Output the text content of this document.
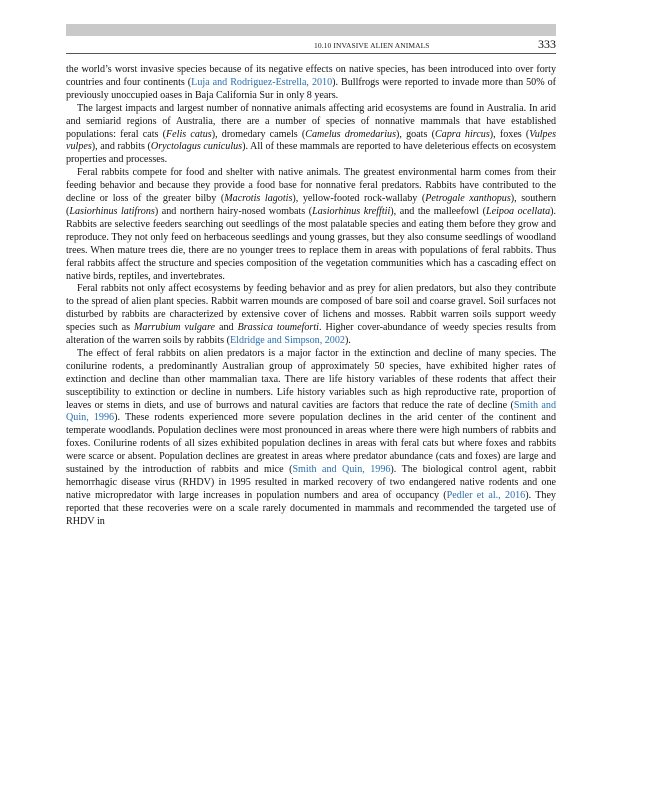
10.10 INVASIVE ALIEN ANIMALS	333

the world’s worst invasive species because of its negative effects on native species, has been introduced into over forty countries and four continents (Luja and Rodriguez-Estrella, 2010). Bullfrogs were reported to invade more than 50% of previously unoccupied oases in Baja California Sur in only 8 years.

The largest impacts and largest number of nonnative animals affecting arid ecosystems are found in Australia. In arid and semiarid regions of Australia, there are a number of species of nonnative mammals that have established populations: feral cats (Felis catus), dromedary camels (Camelus dromedarius), goats (Capra hircus), foxes (Vulpes vulpes), and rabbits (Oryctolagus cuniculus). All of these mammals are reported to have deleterious effects on ecosystem properties and processes.

Feral rabbits compete for food and shelter with native animals. The greatest environmental harm comes from their feeding behavior and because they provide a food base for nonnative feral predators. Rabbits have contributed to the decline or loss of the greater bilby (Macrotis lagotis), yellow-footed rock-wallaby (Petrogale xanthopus), southern (Lasiorhinus latifrons) and northern hairy-nosed wombats (Lasiorhinus krefftii), and the malleefowl (Leipoa ocellata). Rabbits are selective feeders searching out seedlings of the most palatable species and eating them before they grow and reproduce. They not only feed on herbaceous seedlings and young grasses, but they also consume seedlings of woodland trees. When mature trees die, there are no younger trees to replace them in areas with populations of feral rabbits. Thus feral rabbits affect the structure and species composition of the vegetation communities which has a cascading effect on native birds, reptiles, and invertebrates.

Feral rabbits not only affect ecosystems by feeding behavior and as prey for alien predators, but also they contribute to the spread of alien plant species. Rabbit warren mounds are composed of bare soil and coarse gravel. Soil surfaces not disturbed by rabbits are characterized by extensive cover of lichens and mosses. Rabbit warren soils support weedy species such as Marrubium vulgare and Brassica toumeforti. Higher cover-abundance of weedy species results from alteration of the warren soils by rabbits (Eldridge and Simpson, 2002).

The effect of feral rabbits on alien predators is a major factor in the extinction and decline of many species. The conilurine rodents, a predominantly Australian group of approximately 50 species, have exhibited higher rates of extinction and decline than other mammalian taxa. There are life history variables of these rodents that affect their susceptibility to extinction or decline in numbers. Life history variables such as high reproductive rate, proportion of leaves or stems in diets, and use of burrows and natural cavities are factors that reduce the rate of decline (Smith and Quin, 1996). These rodents experienced more severe population declines in the arid center of the continent and temperate woodlands. Population declines were most pronounced in areas where there were high numbers of rabbits and foxes. Conilurine rodents of all sizes exhibited population declines in areas with feral cats but where foxes and rabbits were scarce or absent. Population declines are greatest in areas where predator abundance (cats and foxes) are large and sustained by the introduction of rabbits and mice (Smith and Quin, 1996). The biological control agent, rabbit hemorrhagic disease virus (RHDV) in 1995 resulted in marked recovery of two endangered native rodents and one native micropredator with large increases in population numbers and area of occupancy (Pedler et al., 2016). They reported that these recoveries were on a scale rarely documented in mammals and recommended the targeted use of RHDV in
